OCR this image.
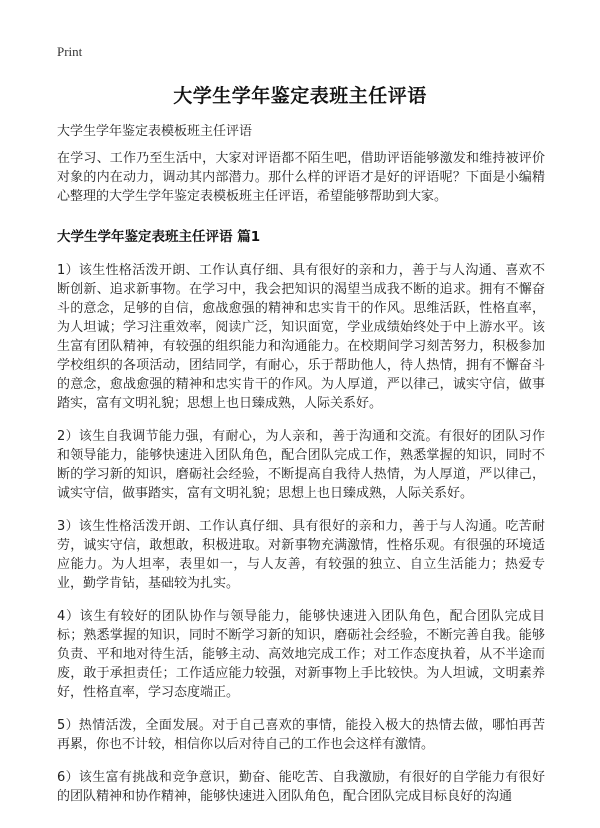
Print
大学生学年鉴定表班主任评语
大学生学年鉴定表模板班主任评语

在学习、工作乃至生活中，大家对评语都不陌生吧，借助评语能够激发和维持被评价对象的内在动力，调动其内部潜力。那什么样的评语才是好的评语呢？下面是小编精心整理的大学生学年鉴定表模板班主任评语，希望能够帮助到大家。

大学生学年鉴定表班主任评语 篇1

1）该生性格活泼开朗、工作认真仔细、具有很好的亲和力，善于与人沟通、喜欢不断创新、追求新事物。在学习中，我会把知识的渴望当成我不断的追求。拥有不懈奋斗的意念，足够的自信，愈战愈强的精神和忠实肯干的作风。思维活跃，性格直率，为人坦诚；学习注重效率，阅读广泛，知识面宽，学业成绩始终处于中上游水平。该生富有团队精神，有较强的组织能力和沟通能力。在校期间学习刻苦努力，积极参加学校组织的各项活动，团结同学，有耐心，乐于帮助他人，待人热情，拥有不懈奋斗的意念，愈战愈强的精神和忠实肯干的作风。为人厚道，严以律己，诚实守信，做事踏实，富有文明礼貌；思想上也日臻成熟，人际关系好。

2）该生自我调节能力强，有耐心，为人亲和，善于沟通和交流。有很好的团队习作和领导能力，能够快速进入团队角色，配合团队完成工作，熟悉掌握的知识，同时不断的学习新的知识，磨砺社会经验，不断提高自我待人热情，为人厚道，严以律己，诚实守信，做事踏实，富有文明礼貌；思想上也日臻成熟，人际关系好。

3）该生性格活泼开朗、工作认真仔细、具有很好的亲和力，善于与人沟通。吃苦耐劳，诚实守信，敢想敢，积极进取。对新事物充满激情，性格乐观。有很强的环境适应能力。为人坦率，表里如一，与人友善，有较强的独立、自立生活能力；热爱专业，勤学肯钻，基础较为扎实。

4）该生有较好的团队协作与领导能力，能够快速进入团队角色，配合团队完成目标；熟悉掌握的知识，同时不断学习新的知识，磨砺社会经验，不断完善自我。能够负责、平和地对待生活，能够主动、高效地完成工作；对工作态度执着，从不半途而废，敢于承担责任；工作适应能力较强，对新事物上手比较快。为人坦诚，文明素养好，性格直率，学习态度端正。

5）热情活泼，全面发展。对于自己喜欢的事情，能投入极大的热情去做，哪怕再苦再累，你也不计较，相信你以后对待自己的工作也会这样有激情。

6）该生富有挑战和竞争意识，勤奋、能吃苦、自我激励，有很好的自学能力有很好的团队精神和协作精神，能够快速进入团队角色，配合团队完成目标良好的沟通
